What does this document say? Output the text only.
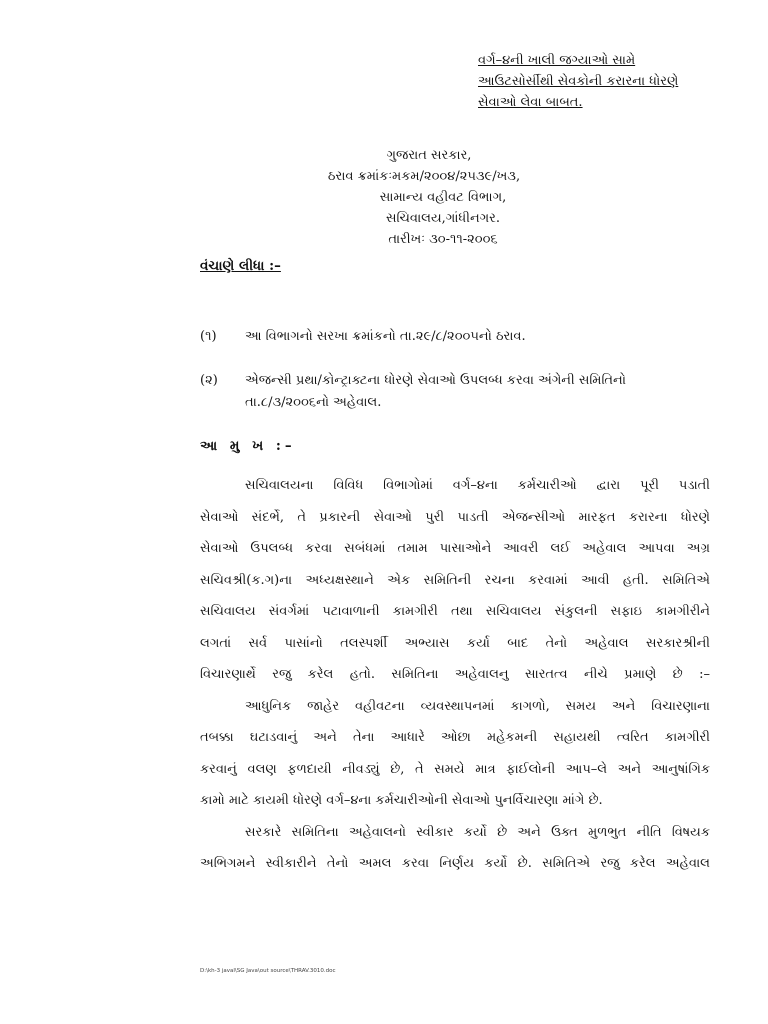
વર્ગ–૪ની ખાલી જગ્યાઓ સામે
આઉટસોર્સીથી સેવકોની કરારના ધોરણે
સેવાઓ લેવા બાબત.
ગુજરાત સરકાર,
ઠરાવ ક્રમાંકઃમકમ/૨૦૦૪/૨૫૩૯/ખ૩,
સામાન્ય વહીવટ વિભાગ,
સચિવાલય,ગાંધીનગર.
તારીખઃ ૩૦-૧૧-૨૦૦૬
વંચાણે લીધા :–
(૧) આ વિભાગનો સરખા ક્રમાંકનો તા.૨૯/૮/૨૦૦૫નો ઠરાવ.
(૨) એજન્સી પ્રથા/કોન્ટ્રાક્ટના ધોરણે સેવાઓ ઉપલબ્ધ કરવા અંગેની સમિતિનો
તા.૮/૩/૨૦૦૬નો અહેવાલ.
આ મુ ખ :–
સચિવાલયના વિવિધ વિભાગોમાં વર્ગ–૪ના કર્મચારીઓ દ્વારા પૂરી પડાતી
સેવાઓ સંદર્ભે, તે પ્રકારની સેવાઓ પુરી પાડતી એજન્સીઓ મારફત કરારના ધોરણે
સેવાઓ ઉપલબ્ધ કરવા સબંધમાં તમામ પાસાઓને આવરી લઈ અહેવાલ આપવા અગ્ર
સચિવશ્રી(ક.ગ)ના અધ્યક્ષસ્થાને એક સમિતિની રચના કરવામાં આવી હતી. સમિતિએ
સચિવાલય સંવર્ગમાં પટાવાળાની કામગીરી તથા સચિવાલય સંકુલની સફાઇ કામગીરીને
લગતાં સર્વ પાસાંનો તલસ્પર્શી અભ્યાસ કર્યા બાદ તેનો અહેવાલ સરકારશ્રીની
વિચારણાર્થે રજુ કરેલ હતો. સમિતિના અહેવાલનુ સારતત્વ નીચે પ્રમાણે છે :–
આધુનિક જાહેર વહીવટના વ્યવસ્થાપનમાં કાગળો, સમય અને વિચારણાના
તબક્કા ઘટાડવાનું અને તેના આધારે ઓછા મહેકમની સહાયથી ત્વરિત કામગીરી
કરવાનું વલણ ફળદાયી નીવડ્યું છે, તે સમયે માત્ર ફાઈલોની આપ–લે અને આનુષાંગિક
કામો માટે કાયમી ધોરણે વર્ગ–૪ના કર્મચારીઓની સેવાઓ પુનર્વિચારણા માંગે છે.
સરકારે સમિતિના અહેવાલનો સ્વીકાર કર્યો છે અને ઉક્ત મુળભુત નીતિ વિષયક
અભિગમને સ્વીકારીને તેનો અમલ કરવા નિર્ણય કર્યો છે. સમિતિએ રજુ કરેલ અહેવાલ
D:\kh-3 javal\SG Java\out source\THRAV.3010.doc
